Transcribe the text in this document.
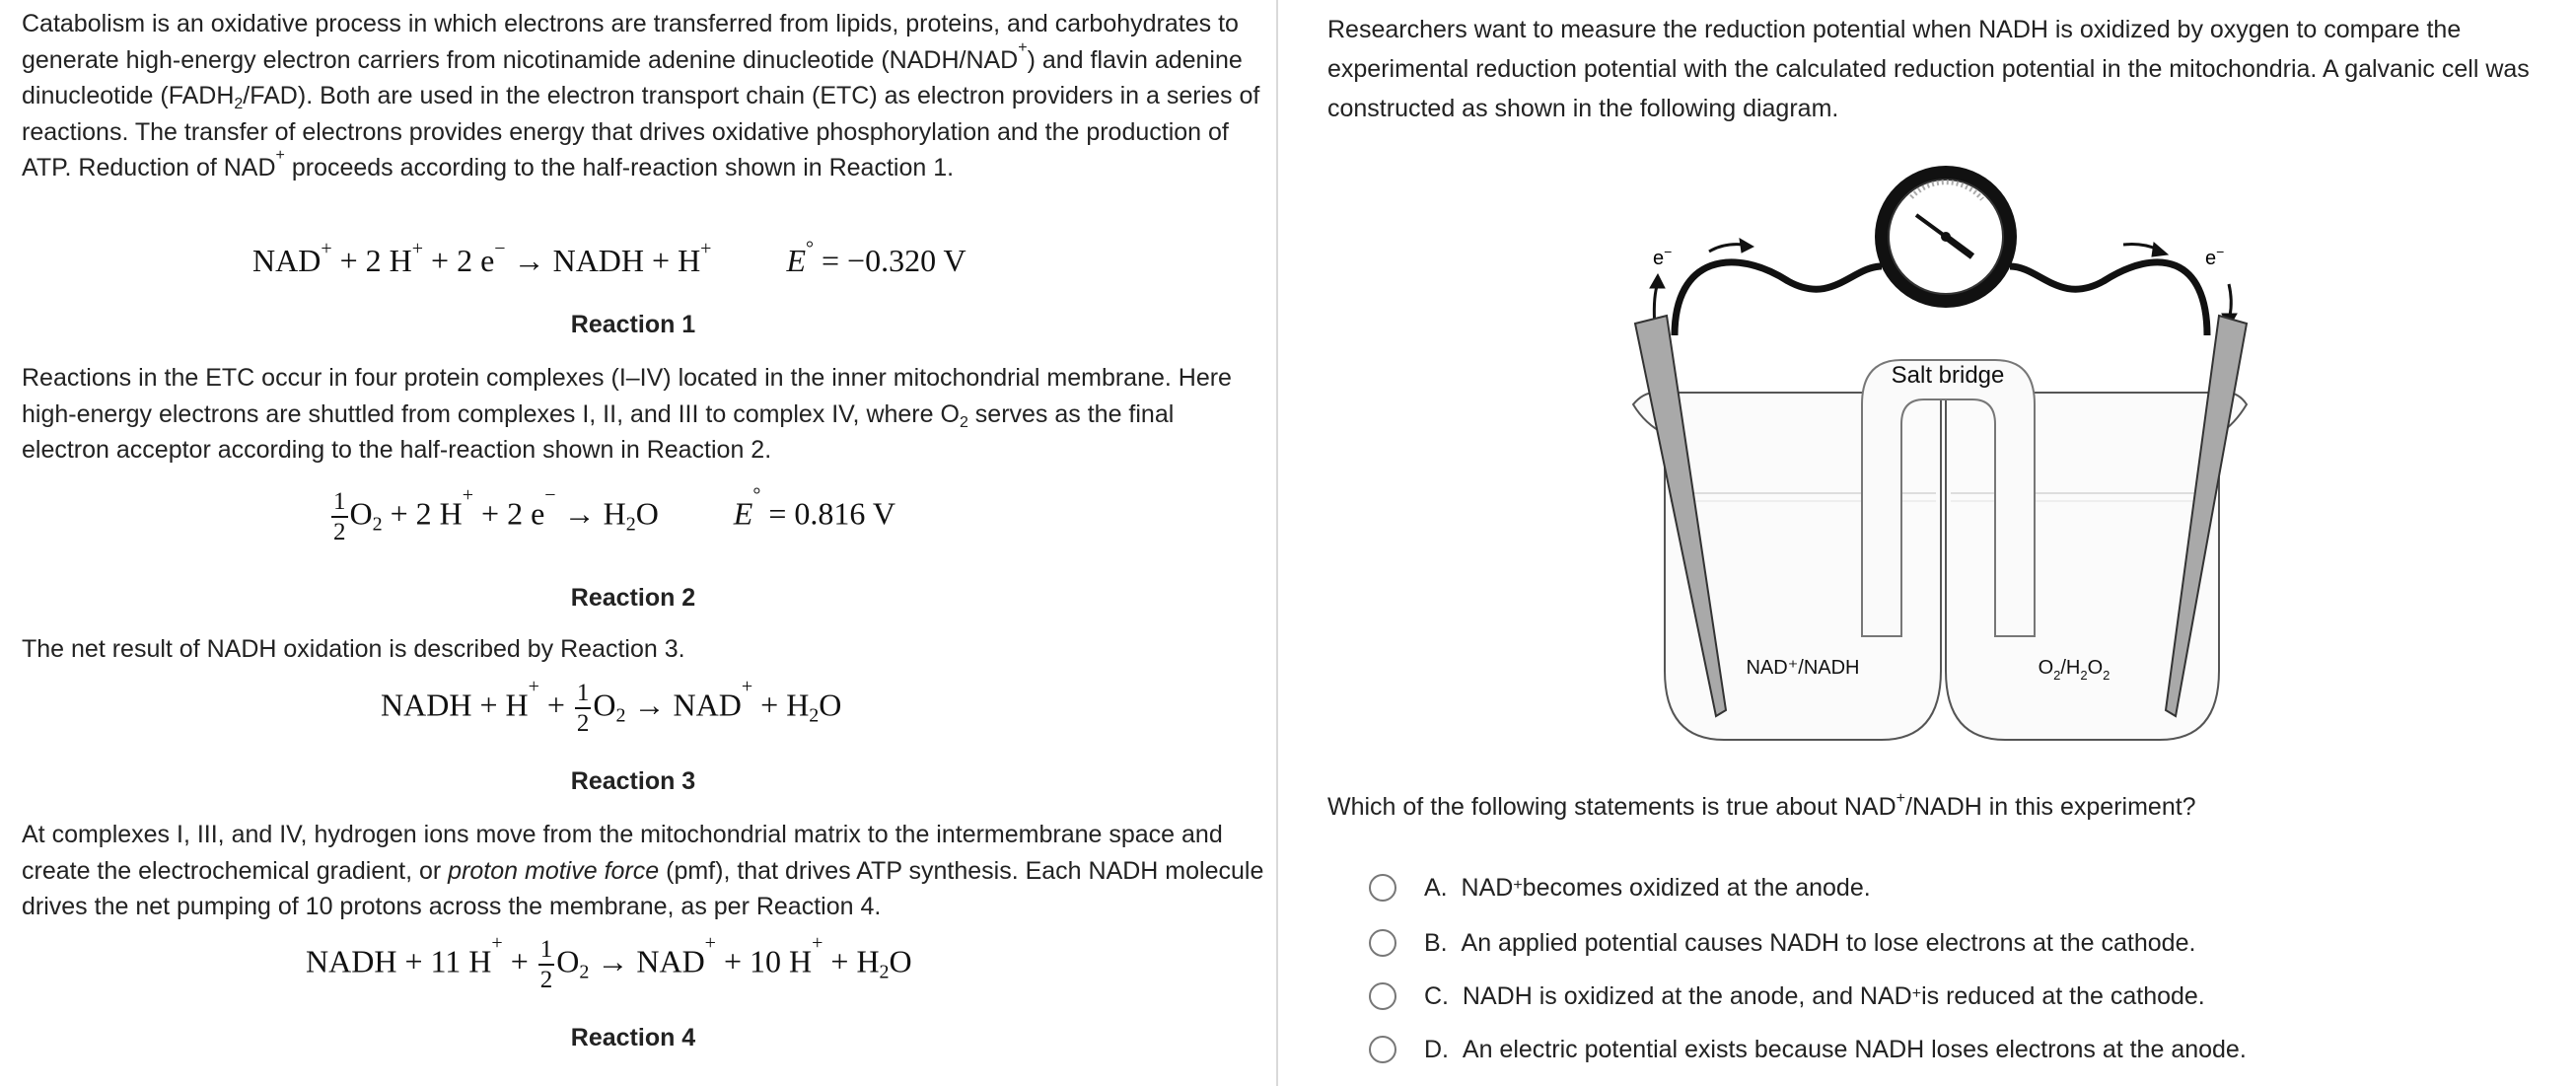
Catabolism is an oxidative process in which electrons are transferred from lipids, proteins, and carbohydrates to generate high-energy electron carriers from nicotinamide adenine dinucleotide (NADH/NAD+) and flavin adenine dinucleotide $(FADH_2/FAD)$. Both are used in the electron transport chain (ETC) as electron providers in a series of reactions. The transfer of electrons provides energy that drives oxidative phosphorylation and the production of ATP. Reduction of NAD+ proceeds according to the half-reaction shown in Reaction 1.

NAD+ + 2 H+ + 2 e− → NADH + H+ E° = −0.320 V
Reaction 1

Reactions in the ETC occur in four protein complexes (I–IV) located in the inner mitochondrial membrane. Here high-energy electrons are shuttled from complexes I, II, and III to complex IV, where $O_2$ serves as the final electron acceptor according to the half-reaction shown in Reaction 2.

$\frac{1}{2} O_2 + 2$ H+ + 2 $e^- \to H_2O$ E° = 0.816 V
Reaction 2

The net result of NADH oxidation is described by Reaction 3.

NADH + $H^+ + \frac{1}{2} O_2 \to NAD^+ + H_2O$
Reaction 3

At complexes I, III, and IV, hydrogen ions move from the mitochondrial matrix to the intermembrane space and create the electrochemical gradient, or proton motive force (pmf), that drives ATP synthesis. Each NADH molecule drives the net pumping of 10 protons across the membrane, as per Reaction 4.

NADH + 11 $H^+ + \frac{1}{2} O_2 \to NAD^+ + 10$ $H^+ + H_2O$
Reaction 4

Researchers want to measure the reduction potential when NADH is oxidized by oxygen to compare the experimental reduction potential with the calculated reduction potential in the mitochondria. A galvanic cell was constructed as shown in the following diagram.

e−	e−
Salt bridge
NAD⁺/NADH	$O_2/H_2O_2$

Which of the following statements is true about NAD+/NADH in this experiment?

A.
NAD + becomes oxidized at the anode.
B.
An applied potential causes NADH to lose electrons at the cathode.
C.
NADH is oxidized at the anode, and NAD + is reduced at the cathode.
D.
An electric potential exists because NADH loses electrons at the anode.
